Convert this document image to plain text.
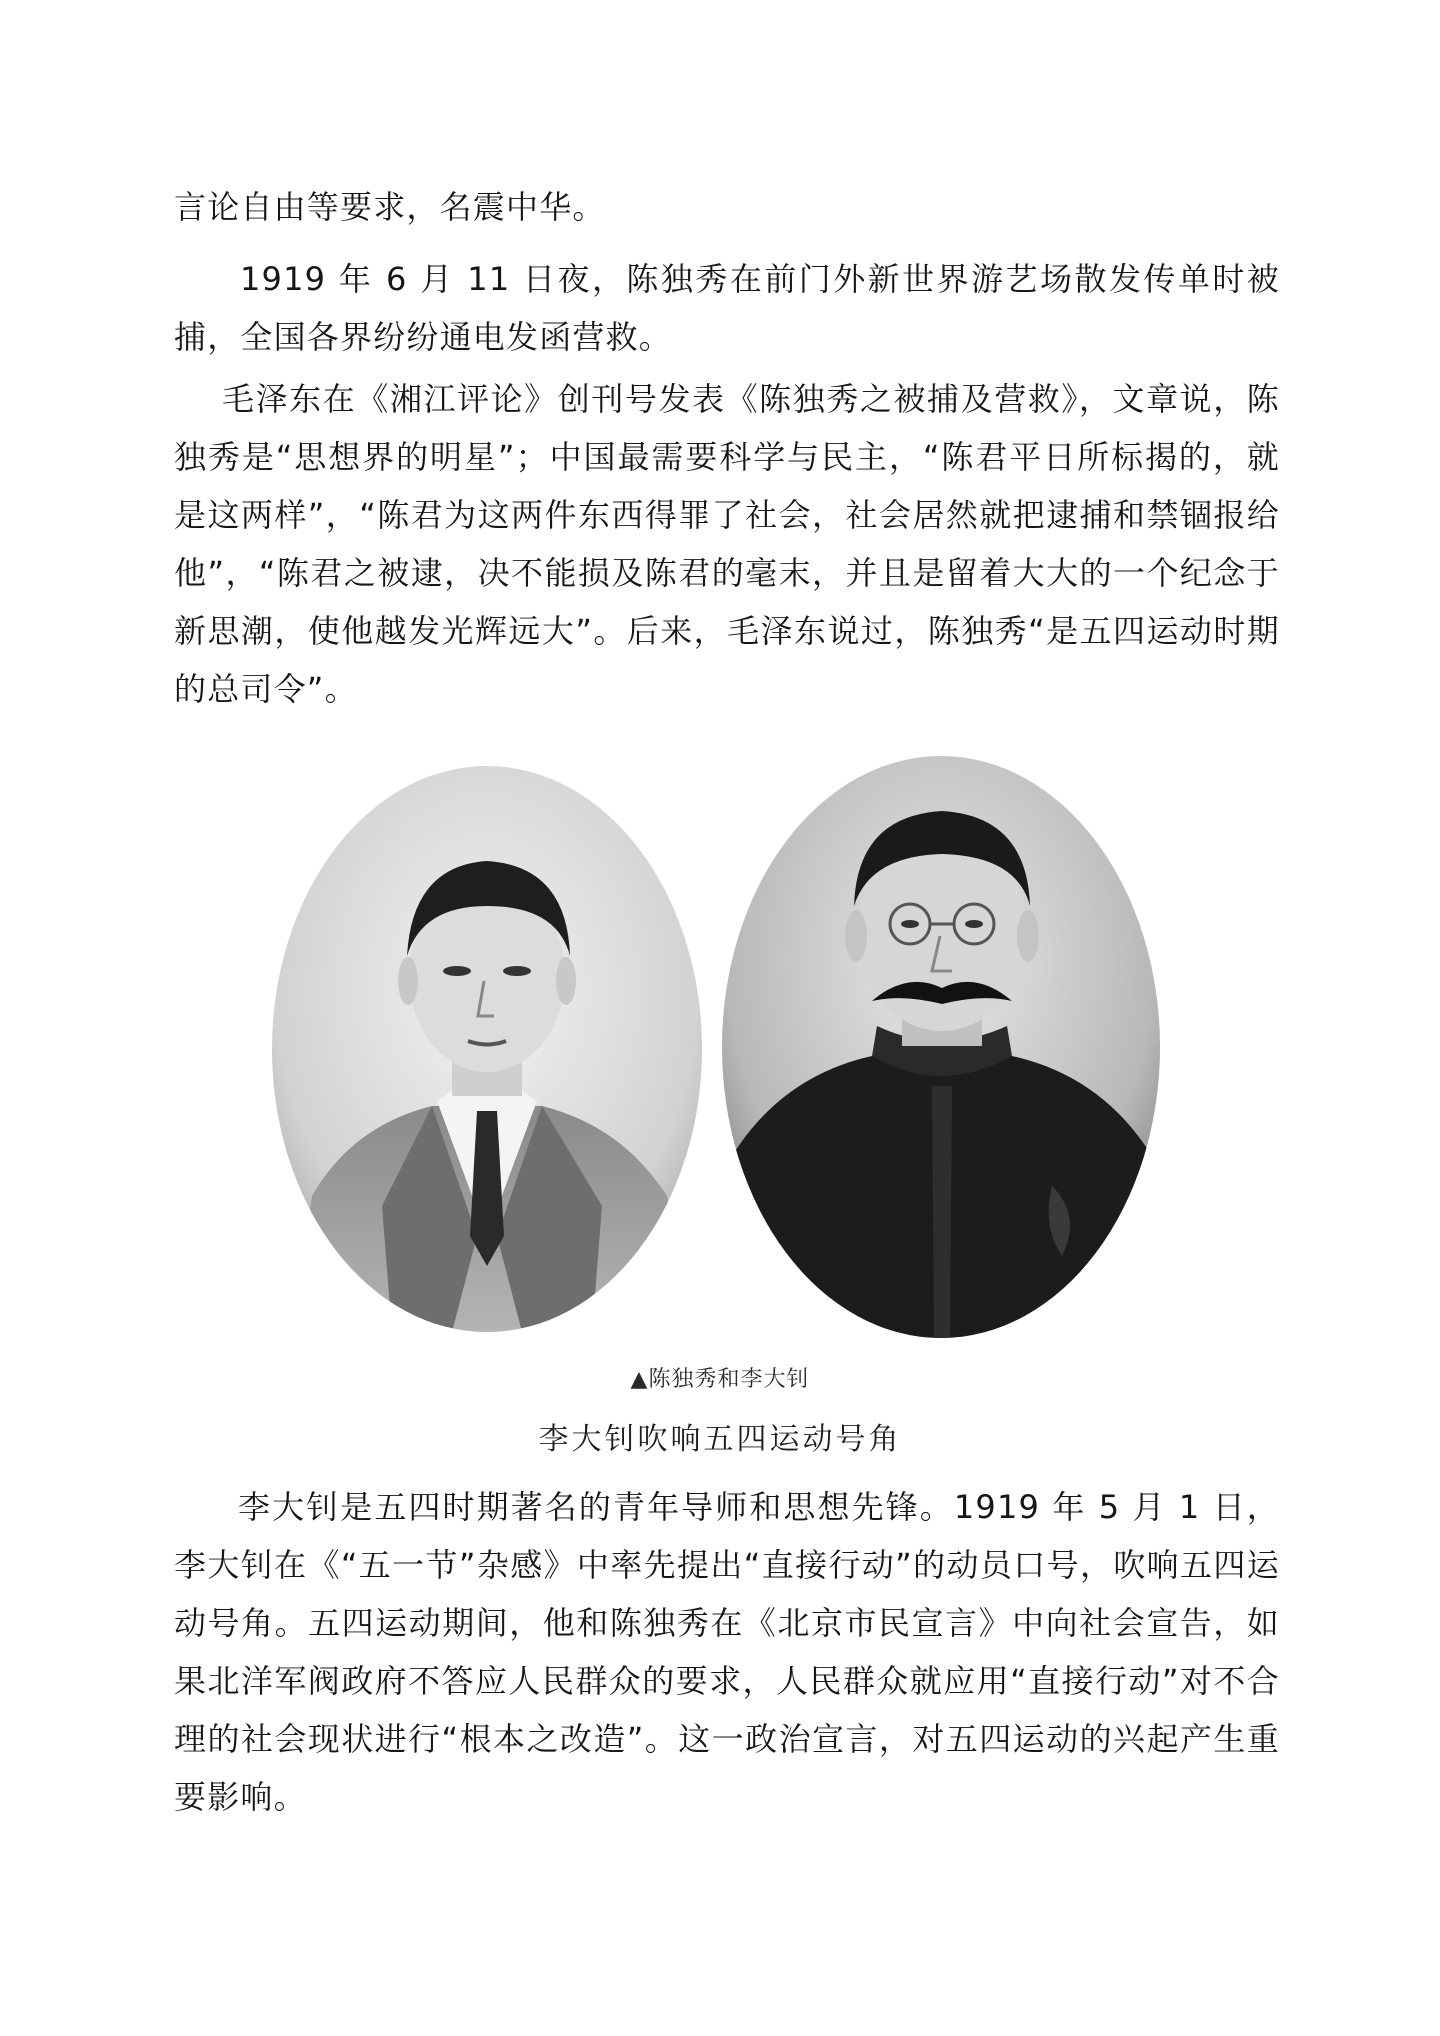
言论自由等要求，名震中华。

1919 年 6 月 11 日夜，陈独秀在前门外新世界游艺场散发传单时被捕，全国各界纷纷通电发函营救。

毛泽东在《湘江评论》创刊号发表《陈独秀之被捕及营救》，文章说，陈独秀是“思想界的明星”；中国最需要科学与民主，“陈君平日所标揭的，就是这两样”，“陈君为这两件东西得罪了社会，社会居然就把逮捕和禁锢报给他”，“陈君之被逮，决不能损及陈君的毫末，并且是留着大大的一个纪念于新思潮，使他越发光辉远大”。后来，毛泽东说过，陈独秀“是五四运动时期的总司令”。

▲陈独秀和李大钊
李大钊吹响五四运动号角

李大钊是五四时期著名的青年导师和思想先锋。1919 年 5 月 1 日，李大钊在《“五一节”杂感》中率先提出“直接行动”的动员口号，吹响五四运动号角。五四运动期间，他和陈独秀在《北京市民宣言》中向社会宣告，如果北洋军阀政府不答应人民群众的要求，人民群众就应用“直接行动”对不合理的社会现状进行“根本之改造”。这一政治宣言，对五四运动的兴起产生重要影响。
